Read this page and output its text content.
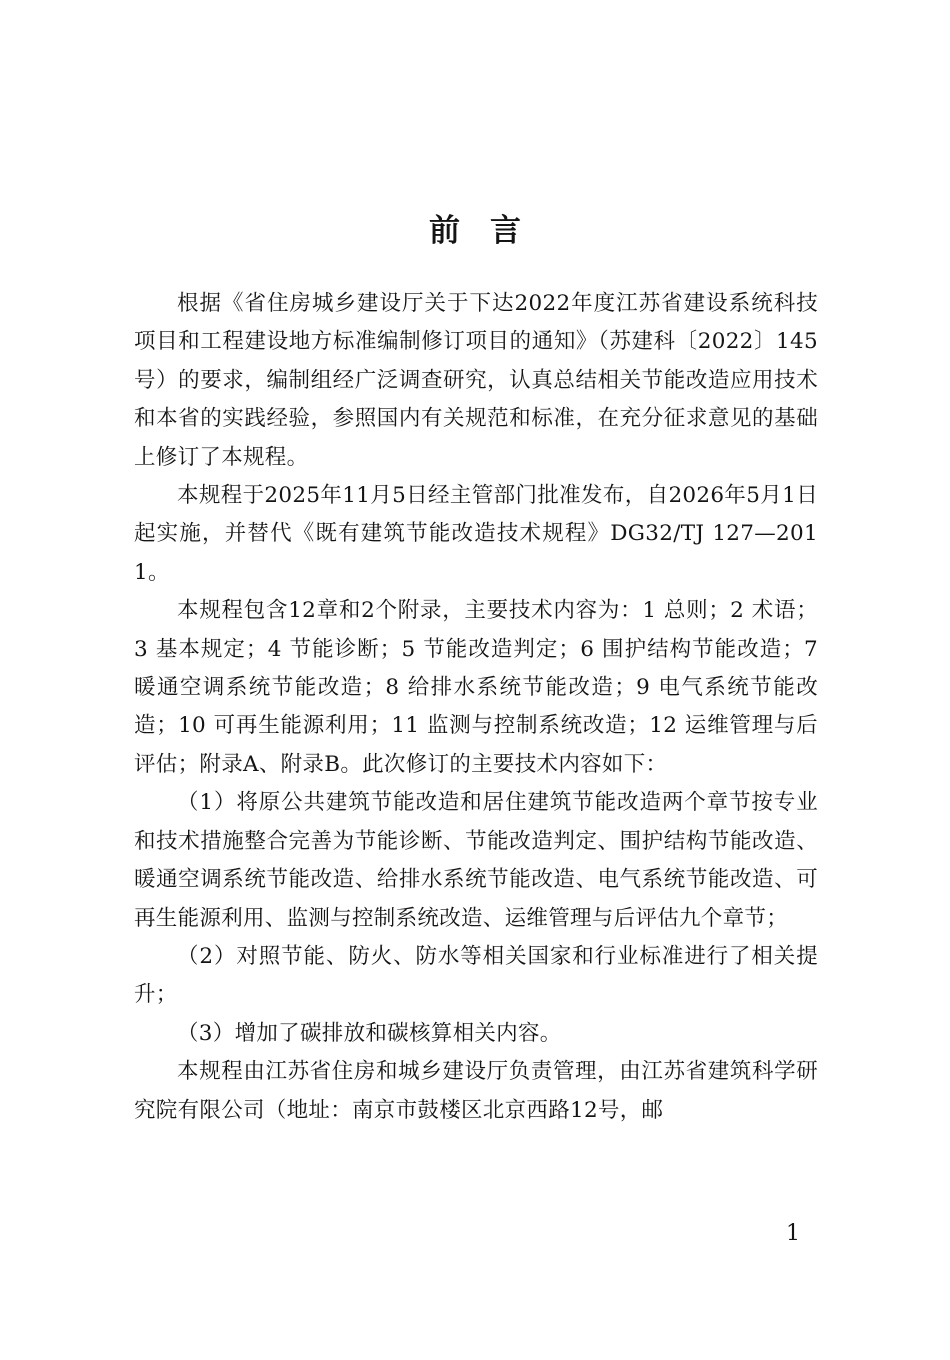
前言

根据《省住房城乡建设厅关于下达2022年度江苏省建设系统科技项目和工程建设地方标准编制修订项目的通知》（苏建科〔2022〕145号）的要求，编制组经广泛调查研究，认真总结相关节能改造应用技术和本省的实践经验，参照国内有关规范和标准，在充分征求意见的基础上修订了本规程。

本规程于2025年11月5日经主管部门批准发布，自2026年5月1日起实施，并替代《既有建筑节能改造技术规程》DG32/TJ 127—2011。

本规程包含12章和2个附录，主要技术内容为：1 总则；2 术语；3 基本规定；4 节能诊断；5 节能改造判定；6 围护结构节能改造；7 暖通空调系统节能改造；8 给排水系统节能改造；9 电气系统节能改造；10 可再生能源利用；11 监测与控制系统改造；12 运维管理与后评估；附录A、附录B。此次修订的主要技术内容如下：

（1）将原公共建筑节能改造和居住建筑节能改造两个章节按专业和技术措施整合完善为节能诊断、节能改造判定、围护结构节能改造、暖通空调系统节能改造、给排水系统节能改造、电气系统节能改造、可再生能源利用、监测与控制系统改造、运维管理与后评估九个章节；

（2）对照节能、防火、防水等相关国家和行业标准进行了相关提升；

（3）增加了碳排放和碳核算相关内容。

本规程由江苏省住房和城乡建设厅负责管理，由江苏省建筑科学研究院有限公司（地址：南京市鼓楼区北京西路12号，邮

1
